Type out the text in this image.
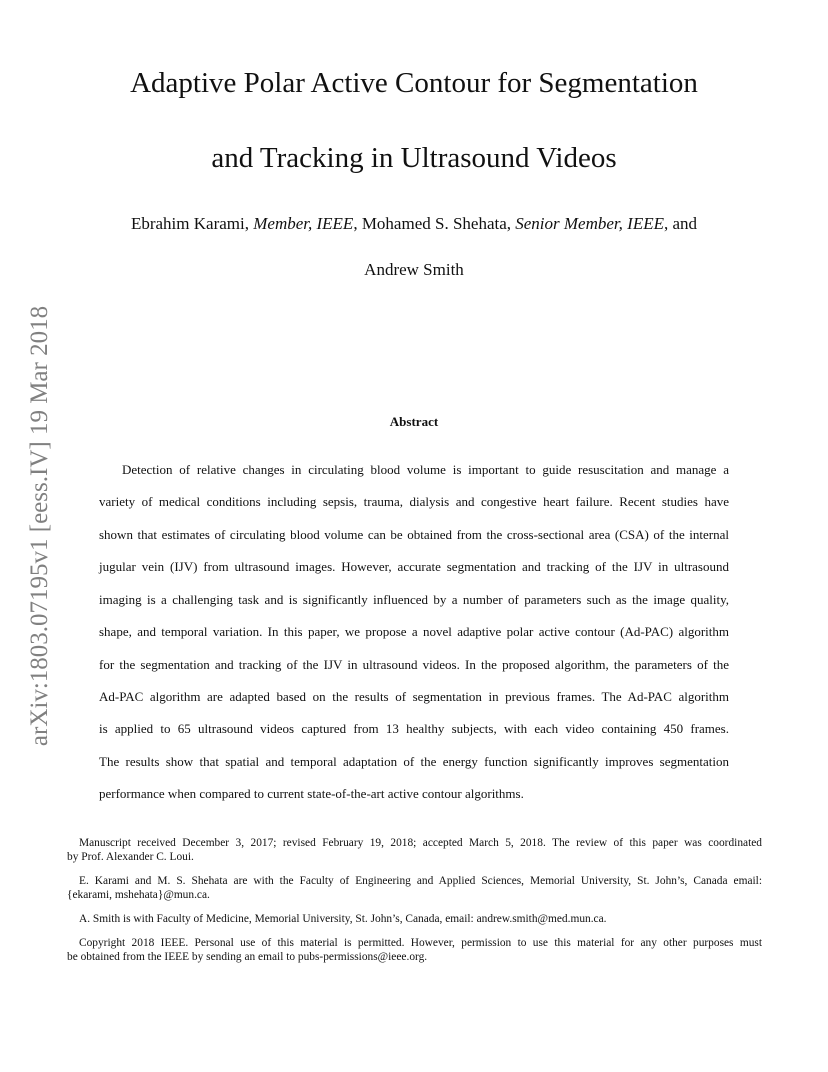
arXiv:1803.07195v1 [eess.IV] 19 Mar 2018
Adaptive Polar Active Contour for Segmentation
and Tracking in Ultrasound Videos
Ebrahim Karami, Member, IEEE, Mohamed S. Shehata, Senior Member, IEEE, and
Andrew Smith
Abstract
Detection of relative changes in circulating blood volume is important to guide resuscitation and manage a
variety of medical conditions including sepsis, trauma, dialysis and congestive heart failure. Recent studies have
shown that estimates of circulating blood volume can be obtained from the cross-sectional area (CSA) of the internal
jugular vein (IJV) from ultrasound images. However, accurate segmentation and tracking of the IJV in ultrasound
imaging is a challenging task and is significantly influenced by a number of parameters such as the image quality,
shape, and temporal variation. In this paper, we propose a novel adaptive polar active contour (Ad-PAC) algorithm
for the segmentation and tracking of the IJV in ultrasound videos. In the proposed algorithm, the parameters of the
Ad-PAC algorithm are adapted based on the results of segmentation in previous frames. The Ad-PAC algorithm
is applied to 65 ultrasound videos captured from 13 healthy subjects, with each video containing 450 frames.
The results show that spatial and temporal adaptation of the energy function significantly improves segmentation
performance when compared to current state-of-the-art active contour algorithms.
Manuscript received December 3, 2017; revised February 19, 2018; accepted March 5, 2018. The review of this paper was coordinated
by Prof. Alexander C. Loui.
E. Karami and M. S. Shehata are with the Faculty of Engineering and Applied Sciences, Memorial University, St. John’s, Canada email:
{ekarami, mshehata}@mun.ca.
A. Smith is with Faculty of Medicine, Memorial University, St. John’s, Canada, email: andrew.smith@med.mun.ca.
Copyright 2018 IEEE. Personal use of this material is permitted. However, permission to use this material for any other purposes must
be obtained from the IEEE by sending an email to pubs-permissions@ieee.org.
